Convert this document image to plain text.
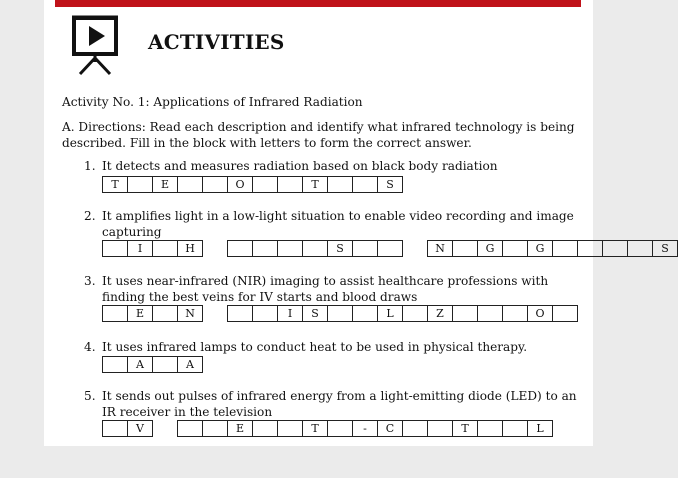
ACTIVITIES
Activity No. 1: Applications of Infrared Radiation
A. Directions: Read each description and identify what infrared technology is being
described. Fill in the block with letters to form the correct answer.
1. It detects and measures radiation based on black body radiation
T	E	O	T	S
2. It amplifies light in a low-light situation to enable video recording and image
capturing
I	H	S	N	G	G	S
3. It uses near-infrared (NIR) imaging to assist healthcare professions with
finding the best veins for IV starts and blood draws
E	N	I	S	L	Z	O
4. It uses infrared lamps to conduct heat to be used in physical therapy.
A	A
5. It sends out pulses of infrared energy from a light-emitting diode (LED) to an
IR receiver in the television
V	E	T	-	C	T	L
